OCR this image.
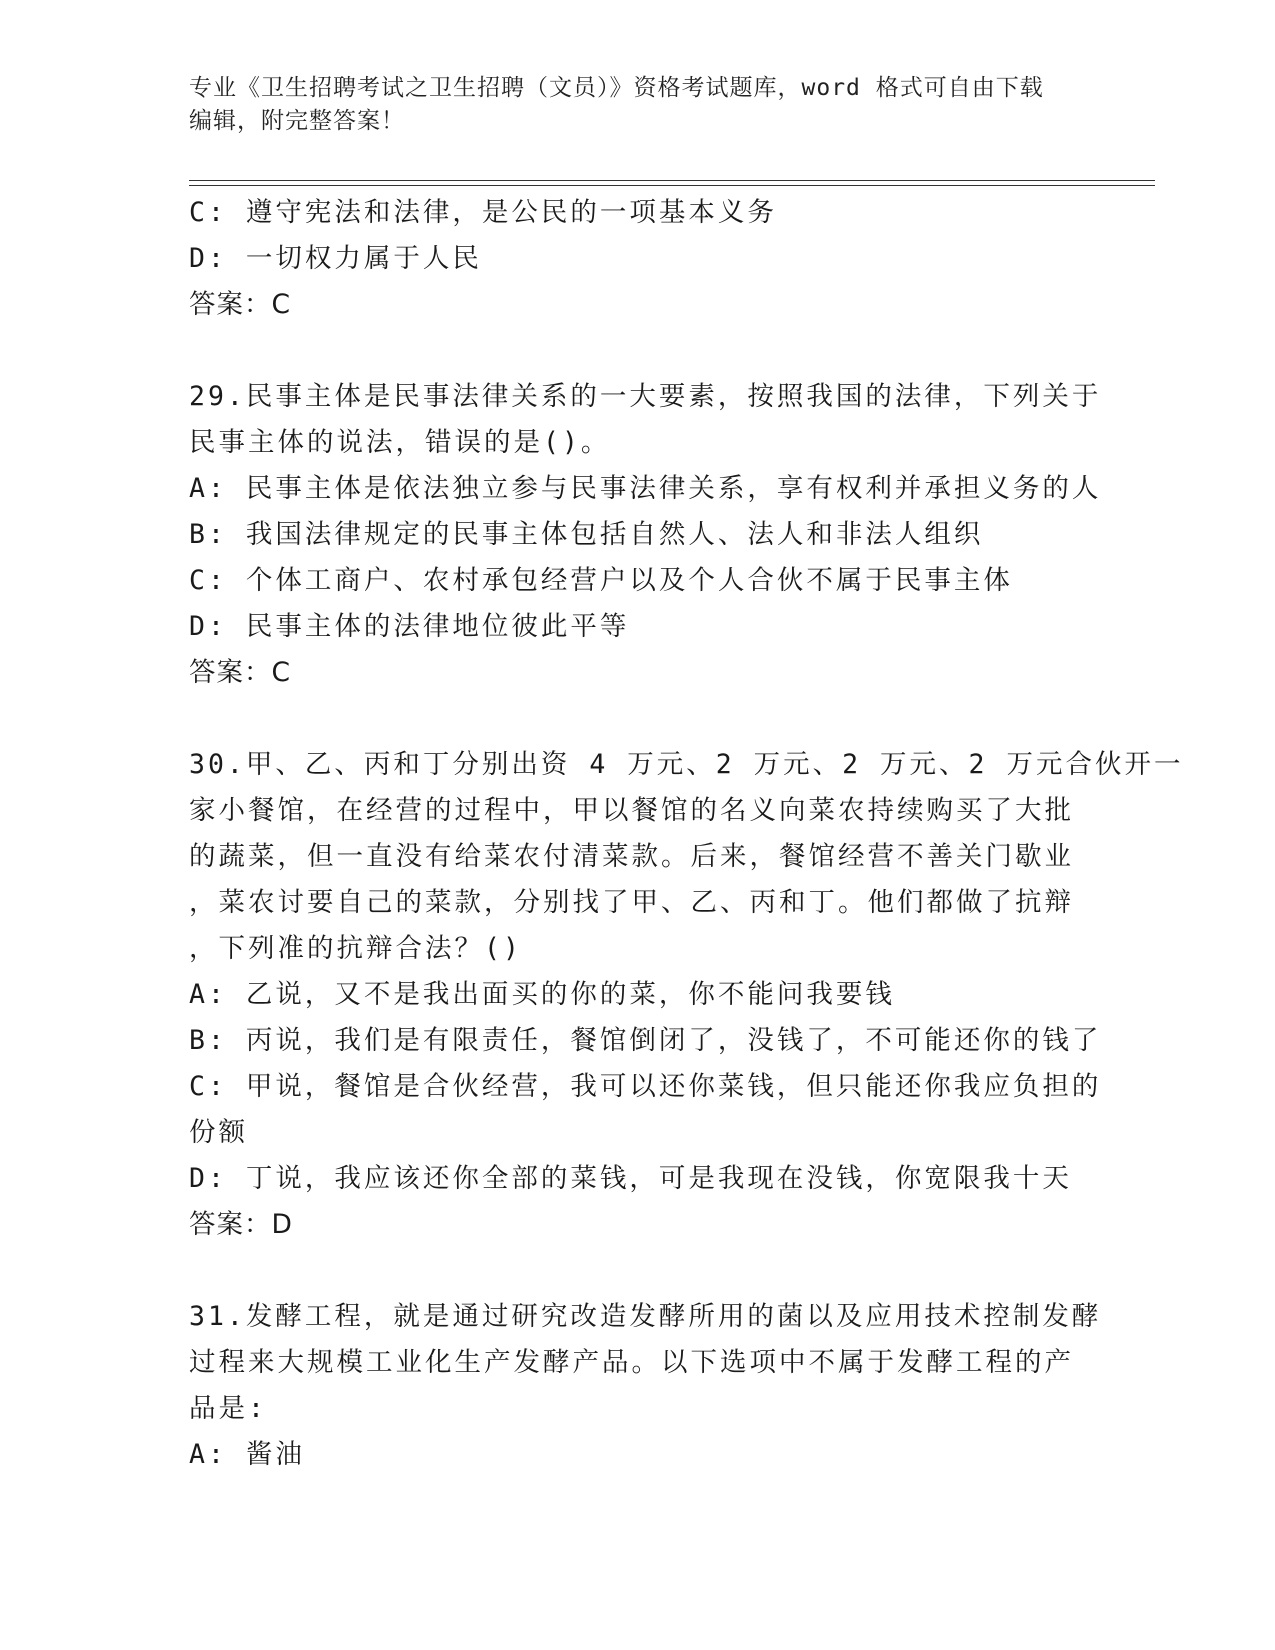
专业《卫生招聘考试之卫生招聘（文员）》资格考试题库，word 格式可自由下载
编辑，附完整答案！
C: 遵守宪法和法律，是公民的一项基本义务
D: 一切权力属于人民
答案：C
29.民事主体是民事法律关系的一大要素，按照我国的法律，下列关于
民事主体的说法，错误的是()。
A: 民事主体是依法独立参与民事法律关系，享有权利并承担义务的人
B: 我国法律规定的民事主体包括自然人、法人和非法人组织
C: 个体工商户、农村承包经营户以及个人合伙不属于民事主体
D: 民事主体的法律地位彼此平等
答案：C
30.甲、乙、丙和丁分别出资 4 万元、2 万元、2 万元、2 万元合伙开一
家小餐馆，在经营的过程中，甲以餐馆的名义向菜农持续购买了大批
的蔬菜，但一直没有给菜农付清菜款。后来，餐馆经营不善关门歇业
，菜农讨要自己的菜款，分别找了甲、乙、丙和丁。他们都做了抗辩
，下列准的抗辩合法？()
A: 乙说，又不是我出面买的你的菜，你不能问我要钱
B: 丙说，我们是有限责任，餐馆倒闭了，没钱了，不可能还你的钱了
C: 甲说，餐馆是合伙经营，我可以还你菜钱，但只能还你我应负担的
份额
D: 丁说，我应该还你全部的菜钱，可是我现在没钱，你宽限我十天
答案：D
31.发酵工程，就是通过研究改造发酵所用的菌以及应用技术控制发酵
过程来大规模工业化生产发酵产品。以下选项中不属于发酵工程的产
品是:
A: 酱油
